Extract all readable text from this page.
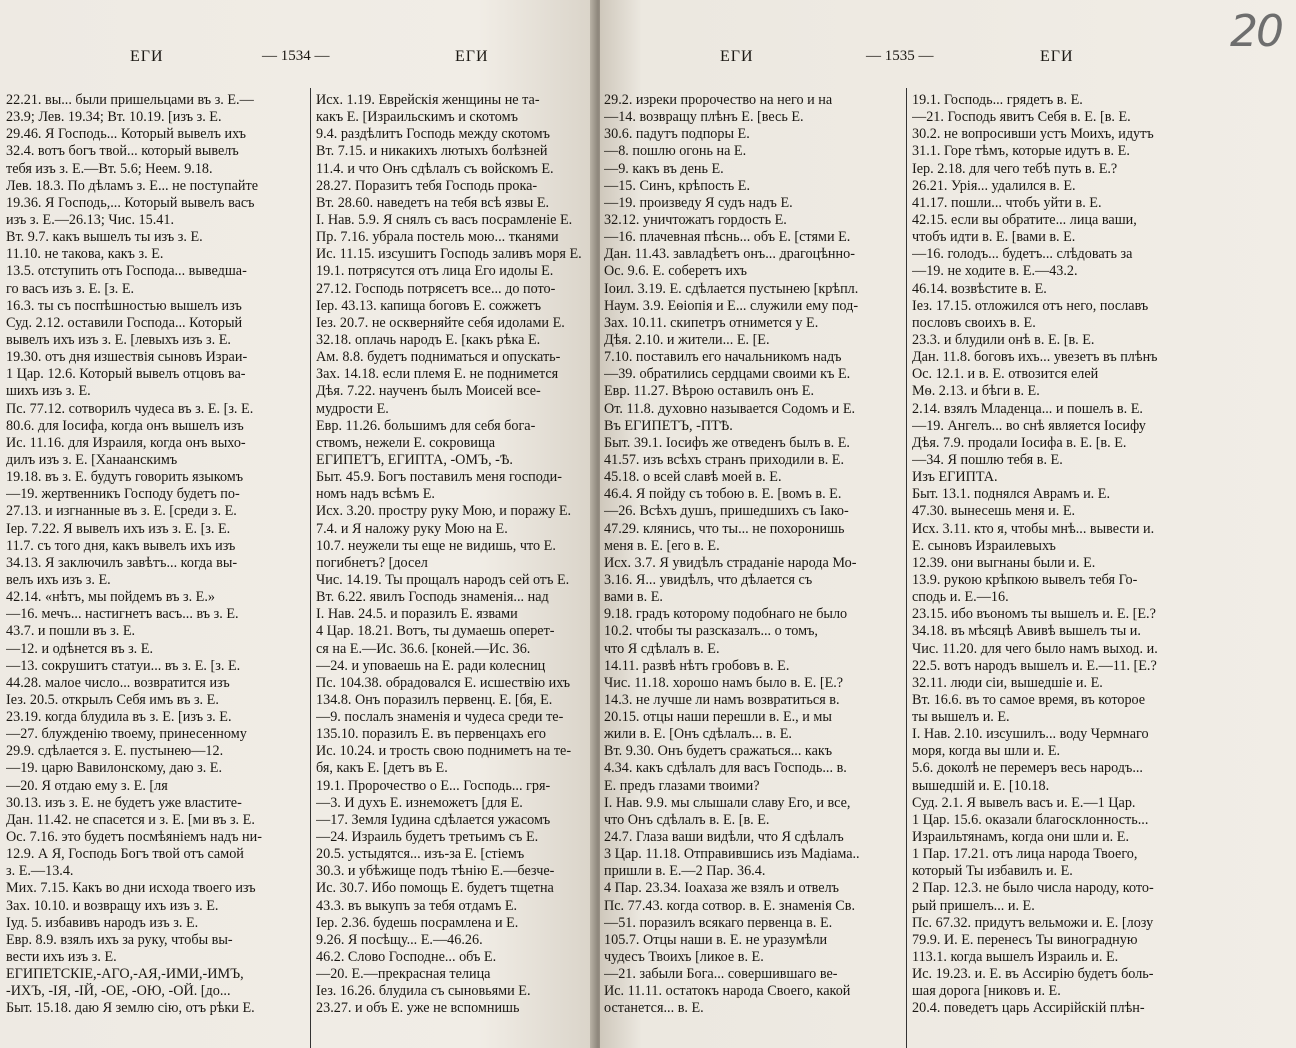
ЕГИ	— 1534 —	ЕГИ
22.21. вы... были пришельцами въ з. Е.—
23.9; Лев. 19.34; Вт. 10.19. [изъ з. Е.
29.46. Я Господь... Который вывелъ ихъ
32.4. вотъ богъ твой... который вывелъ
тебя изъ з. Е.—Вт. 5.6; Неем. 9.18.
Лев. 18.3. По дѣламъ з. Е... не поступайте
19.36. Я Господь,... Который вывелъ васъ
изъ з. Е.—26.13; Чис. 15.41.
Вт. 9.7. какъ вышелъ ты изъ з. Е.
11.10. не такова, какъ з. Е.
13.5. отступить отъ Господа... выведша-
го васъ изъ з. Е. [з. Е.
16.3. ты съ поспѣшностью вышелъ изъ
Суд. 2.12. оставили Господа... Который
вывелъ ихъ изъ з. Е. [левыхъ изъ з. Е.
19.30. отъ дня изшествія сыновъ Израи-
1 Цар. 12.6. Который вывелъ отцовъ ва-
шихъ изъ з. Е.
Пс. 77.12. сотворилъ чудеса въ з. Е. [з. Е.
80.6. для Іосифа, когда онъ вышелъ изъ
Ис. 11.16. для Израиля, когда онъ выхо-
дилъ изъ з. Е. [Ханаанскимъ
19.18. въ з. Е. будутъ говорить языкомъ
—19. жертвенникъ Господу будетъ по-
27.13. и изгнанные въ з. Е. [среди з. Е.
Іер. 7.22. Я вывелъ ихъ изъ з. Е. [з. Е.
11.7. съ того дня, какъ вывелъ ихъ изъ
34.13. Я заключилъ завѣтъ... когда вы-
велъ ихъ изъ з. Е.
42.14. «нѣтъ, мы пойдемъ въ з. Е.»
—16. мечъ... настигнетъ васъ... въ з. Е.
43.7. и пошли въ з. Е.
—12. и одѣнется въ з. Е.
—13. сокрушитъ статуи... въ з. Е. [з. Е.
44.28. малое число... возвратится изъ
Іез. 20.5. открылъ Себя имъ въ з. Е.
23.19. когда блудила въ з. Е. [изъ з. Е.
—27. блужденію твоему, принесенному
29.9. сдѣлается з. Е. пустынею—12.
—19. царю Вавилонскому, даю з. Е.
—20. Я отдаю ему з. Е. [ля
30.13. изъ з. Е. не будетъ уже властите-
Дан. 11.42. не спасется и з. Е. [ми въ з. Е.
Ос. 7.16. это будетъ посмѣяніемъ надъ ни-
12.9. А Я, Господь Богъ твой отъ самой
з. Е.—13.4.
Мих. 7.15. Какъ во дни исхода твоего изъ
Зах. 10.10. и возвращу ихъ изъ з. Е.
Іуд. 5. избавивъ народъ изъ з. Е.
Евр. 8.9. взялъ ихъ за руку, чтобы вы-
вести ихъ изъ з. Е.
ЕГИПЕТСКІЕ,-АГО,-АЯ,-ИМИ,-ИМЪ,
-ИХЪ, -ІЯ, -ІЙ, -ОЕ, -ОЮ, -ОЙ. [до...
Быт. 15.18. даю Я землю сію, отъ рѣки Е.
Исх. 1.19. Еврейскія женщины не та-
какъ Е. [Израильскимъ и скотомъ
9.4. раздѣлитъ Господь между скотомъ
Вт. 7.15. и никакихъ лютыхъ болѣзней
11.4. и что Онъ сдѣлалъ съ войскомъ Е.
28.27. Поразитъ тебя Господь прока-
Вт. 28.60. наведетъ на тебя всѣ язвы Е.
І. Нав. 5.9. Я снялъ съ васъ посрамленіе Е.
Пр. 7.16. убрала постель мою... тканями
Ис. 11.15. изсушитъ Господь заливъ моря Е.
19.1. потрясутся отъ лица Его идолы Е.
27.12. Господь потрясетъ все... до пото-
Іер. 43.13. капища боговъ Е. сожжетъ
Іез. 20.7. не оскверняйте себя идолами Е.
32.18. оплачь народъ Е. [какъ рѣка Е.
Ам. 8.8. будетъ подниматься и опускать-
Зах. 14.18. если племя Е. не поднимется
Дѣя. 7.22. наученъ былъ Моисей все-
мудрости Е.
Евр. 11.26. большимъ для себя бога-
ствомъ, нежели Е. сокровища
ЕГИПЕТЪ, ЕГИПТА, -ОМЪ, -Ѣ.
Быт. 45.9. Богъ поставилъ меня господи-
номъ надъ всѣмъ Е.
Исх. 3.20. простру руку Мою, и поражу Е.
7.4. и Я наложу руку Мою на Е.
10.7. неужели ты еще не видишь, что Е.
погибнетъ? [досел
Чис. 14.19. Ты прощалъ народъ сей отъ Е.
Вт. 6.22. явилъ Господь знаменія... над
І. Нав. 24.5. и поразилъ Е. язвами
4 Цар. 18.21. Вотъ, ты думаешь оперет-
ся на Е.—Ис. 36.6. [коней.—Ис. 36.
—24. и уповаешь на Е. ради колесниц
Пс. 104.38. обрадовался Е. исшествію ихъ
134.8. Онъ поразилъ первенц. Е. [бя, Е.
—9. послалъ знаменія и чудеса среди те-
135.10. поразилъ Е. въ первенцахъ его
Ис. 10.24. и трость свою подниметъ на те-
бя, какъ Е. [детъ въ Е.
19.1. Пророчество о Е... Господь... гря-
—3. И духъ Е. изнеможетъ [для Е.
—17. Земля Іудина сдѣлается ужасомъ
—24. Израиль будетъ третьимъ съ Е.
20.5. устыдятся... изъ-за Е. [стіемъ
30.3. и убѣжище подъ тѣнію Е.—безче-
Ис. 30.7. Ибо помощь Е. будетъ тщетна
43.3. въ выкупъ за тебя отдамъ Е.
Іер. 2.36. будешь посрамлена и Е.
9.26. Я посѣщу... Е.—46.26.
46.2. Слово Господне... объ Е.
—20. Е.—прекрасная телица
Іез. 16.26. блудила съ сыновьями Е.
23.27. и объ Е. уже не вспомнишь
ЕГИ	— 1535 —	ЕГИ	20
29.2. изреки пророчество на него и на
—14. возвращу плѣнъ Е. [весь Е.
30.6. падутъ подпоры Е.
—8. пошлю огонь на Е.
—9. какъ въ день Е.
—15. Синъ, крѣпость Е.
—19. произведу Я судъ надъ Е.
32.12. уничтожатъ гордость Е.
—16. плачевная пѣснь... объ Е. [стями Е.
Дан. 11.43. завладѣетъ онъ... драгоцѣнно-
Ос. 9.6. Е. соберетъ ихъ
Іоил. 3.19. Е. сдѣлается пустынею [крѣпл.
Наум. 3.9. Еѳіопія и Е... служили ему под-
Зах. 10.11. скипетръ отнимется у Е.
Дѣя. 2.10. и жители... Е. [Е.
7.10. поставилъ его начальникомъ надъ
—39. обратились сердцами своими къ Е.
Евр. 11.27. Вѣрою оставилъ онъ Е.
От. 11.8. духовно называется Содомъ и Е.
Въ ЕГИПЕТЪ, -ПТѢ.
Быт. 39.1. Іосифъ же отведенъ былъ в. Е.
41.57. изъ всѣхъ странъ приходили в. Е.
45.18. о всей славѣ моей в. Е.
46.4. Я пойду съ тобою в. Е. [вомъ в. Е.
—26. Всѣхъ душъ, пришедшихъ съ Іако-
47.29. клянись, что ты... не похоронишь
меня в. Е. [его в. Е.
Исх. 3.7. Я увидѣлъ страданіе народа Мо-
3.16. Я... увидѣлъ, что дѣлается съ
вами в. Е.
9.18. градъ которому подобнаго не было
10.2. чтобы ты разсказалъ... о томъ,
что Я сдѣлалъ в. Е.
14.11. развѣ нѣтъ гробовъ в. Е.
Чис. 11.18. хорошо намъ было в. Е. [Е.?
14.3. не лучше ли намъ возвратиться в.
20.15. отцы наши перешли в. Е., и мы
жили в. Е. [Онъ сдѣлалъ... в. Е.
Вт. 9.30. Онъ будетъ сражаться... какъ
4.34. какъ сдѣлалъ для васъ Господь... в.
Е. предъ глазами твоими?
І. Нав. 9.9. мы слышали славу Его, и все,
что Онъ сдѣлалъ в. Е. [в. Е.
24.7. Глаза ваши видѣли, что Я сдѣлалъ
3 Цар. 11.18. Отправившись изъ Мадіама..
пришли в. Е.—2 Пар. 36.4.
4 Пар. 23.34. Іоахаза же взялъ и отвелъ
Пс. 77.43. когда сотвор. в. Е. знаменія Св.
—51. поразилъ всякаго первенца в. Е.
105.7. Отцы наши в. Е. не уразумѣли
чудесъ Твоихъ [ликое в. Е.
—21. забыли Бога... совершившаго ве-
Ис. 11.11. остатокъ народа Своего, какой
останется... в. Е.
19.1. Господь... грядетъ в. Е.
—21. Господь явитъ Себя в. Е. [в. Е.
30.2. не вопросивши устъ Моихъ, идутъ
31.1. Горе тѣмъ, которые идутъ в. Е.
Іер. 2.18. для чего тебѣ путь в. Е.?
26.21. Урія... удалился в. Е.
41.17. пошли... чтобъ уйти в. Е.
42.15. если вы обратите... лица ваши,
чтобъ идти в. Е. [вами в. Е.
—16. голодъ... будетъ... слѣдовать за
—19. не ходите в. Е.—43.2.
46.14. возвѣстите в. Е.
Іез. 17.15. отложился отъ него, пославъ
пословъ своихъ в. Е.
23.3. и блудили онѣ в. Е. [в. Е.
Дан. 11.8. боговъ ихъ... увезетъ въ плѣнъ
Ос. 12.1. и в. Е. отвозится елей
Мѳ. 2.13. и бѣги в. Е.
2.14. взялъ Младенца... и пошелъ в. Е.
—19. Ангелъ... во снѣ является Іосифу
Дѣя. 7.9. продали Іосифа в. Е. [в. Е.
—34. Я пошлю тебя в. Е.
Изъ ЕГИПТА.
Быт. 13.1. поднялся Аврамъ и. Е.
47.30. вынесешь меня и. Е.
Исх. 3.11. кто я, чтобы мнѣ... вывести и.
Е. сыновъ Израилевыхъ
12.39. они выгнаны были и. Е.
13.9. рукою крѣпкою вывелъ тебя Го-
сподь и. Е.—16.
23.15. ибо въономъ ты вышелъ и. Е. [Е.?
34.18. въ мѣсяцѣ Авивѣ вышелъ ты и.
Чис. 11.20. для чего было намъ выход. и.
22.5. вотъ народъ вышелъ и. Е.—11. [Е.?
32.11. люди сіи, вышедшіе и. Е.
Вт. 16.6. въ то самое время, въ которое
ты вышелъ и. Е.
І. Нав. 2.10. изсушилъ... воду Чермнаго
моря, когда вы шли и. Е.
5.6. доколѣ не перемеръ весь народъ...
вышедшій и. Е. [10.18.
Суд. 2.1. Я вывелъ васъ и. Е.—1 Цар.
1 Цар. 15.6. оказали благосклонность...
Израильтянамъ, когда они шли и. Е.
1 Пар. 17.21. отъ лица народа Твоего,
который Ты избавилъ и. Е.
2 Пар. 12.3. не было числа народу, кото-
рый пришелъ... и. Е.
Пс. 67.32. придутъ вельможи и. Е. [лозу
79.9. И. Е. перенесъ Ты виноградную
113.1. когда вышелъ Израиль и. Е.
Ис. 19.23. и. Е. въ Ассирію будетъ боль-
шая дорога [никовъ и. Е.
20.4. поведетъ царь Ассирійскій плѣн-
